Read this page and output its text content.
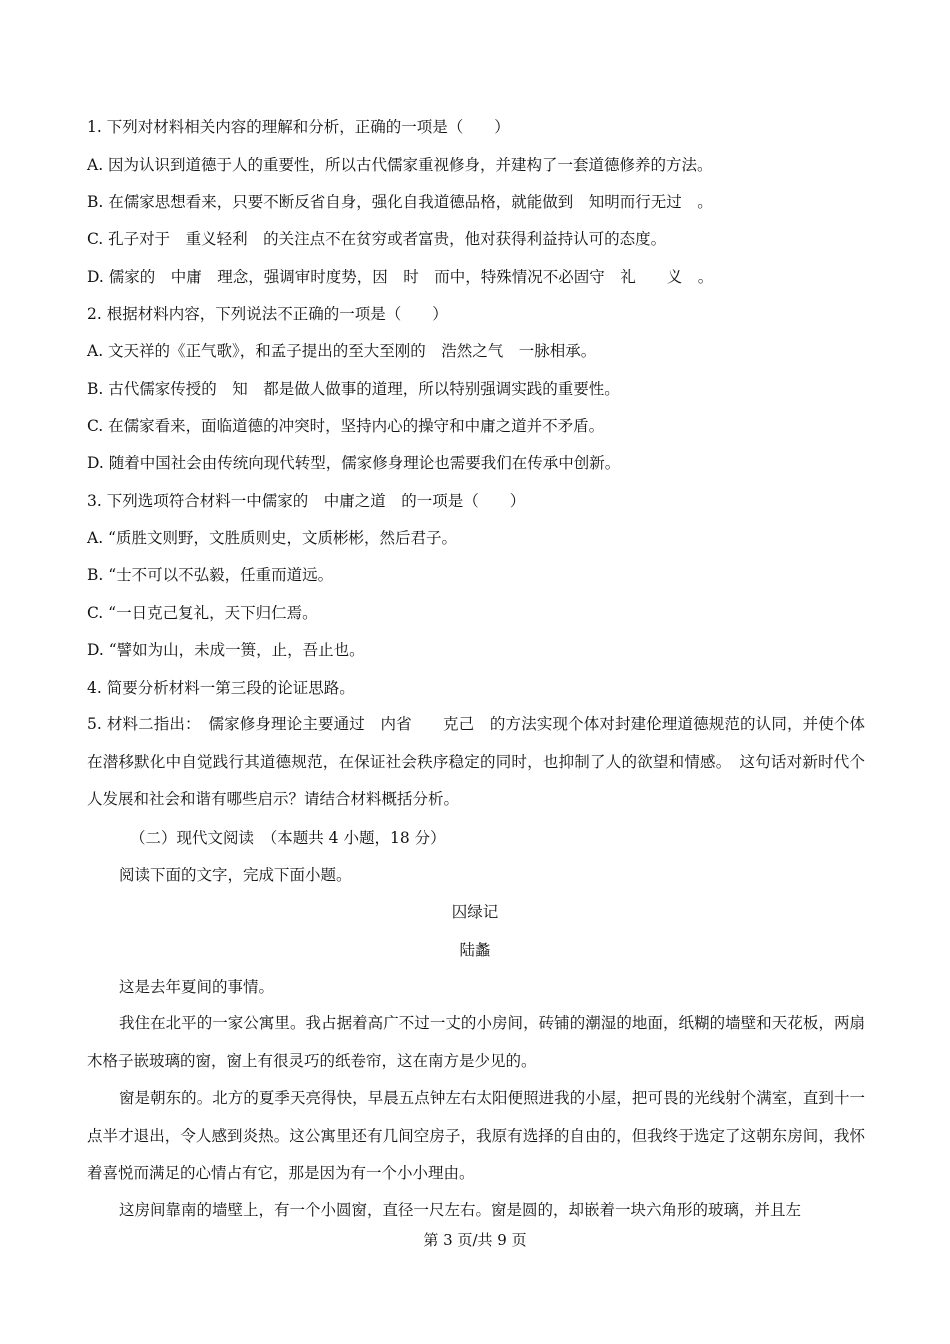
1. 下列对材料相关内容的理解和分析，正确的一项是（　　）
A. 因为认识到道德于人的重要性，所以古代儒家重视修身，并建构了一套道德修养的方法。
B. 在儒家思想看来，只要不断反省自身，强化自我道德品格，就能做到　知明而行无过　。
C. 孔子对于　重义轻利　的关注点不在贫穷或者富贵，他对获得利益持认可的态度。
D. 儒家的　中庸　理念，强调审时度势，因　时　而中，特殊情况不必固守　礼　　义　。
2. 根据材料内容，下列说法不正确的一项是（　　）
A. 文天祥的《正气歌》，和孟子提出的至大至刚的　浩然之气　一脉相承。
B. 古代儒家传授的　知　都是做人做事的道理，所以特别强调实践的重要性。
C. 在儒家看来，面临道德的冲突时，坚持内心的操守和中庸之道并不矛盾。
D. 随着中国社会由传统向现代转型，儒家修身理论也需要我们在传承中创新。
3. 下列选项符合材料一中儒家的　中庸之道　的一项是（　　）
A. “质胜文则野，文胜质则史，文质彬彬，然后君子。
B. “士不可以不弘毅，任重而道远。
C. “一日克己复礼，天下归仁焉。
D. “譬如为山，未成一篑，止，吾止也。
4. 简要分析材料一第三段的论证思路。
5. 材料二指出：　儒家修身理论主要通过　内省　　克己　的方法实现个体对封建伦理道德规范的认同，并使个体在潜移默化中自觉践行其道德规范，在保证社会秩序稳定的同时，也抑制了人的欲望和情感。　这句话对新时代个人发展和社会和谐有哪些启示？请结合材料概括分析。
（二）现代文阅读　（本题共 4 小题，18 分）
阅读下面的文字，完成下面小题。
囚绿记
陆蠡
这是去年夏间的事情。
我住在北平的一家公寓里。我占据着高广不过一丈的小房间，砖铺的潮湿的地面，纸糊的墙壁和天花板，两扇木格子嵌玻璃的窗，窗上有很灵巧的纸卷帘，这在南方是少见的。
窗是朝东的。北方的夏季天亮得快，早晨五点钟左右太阳便照进我的小屋，把可畏的光线射个满室，直到十一点半才退出，令人感到炎热。这公寓里还有几间空房子，我原有选择的自由的，但我终于选定了这朝东房间，我怀着喜悦而满足的心情占有它，那是因为有一个小小理由。
这房间靠南的墙壁上，有一个小圆窗，直径一尺左右。窗是圆的，却嵌着一块六角形的玻璃，并且左
第 3 页/共 9 页
